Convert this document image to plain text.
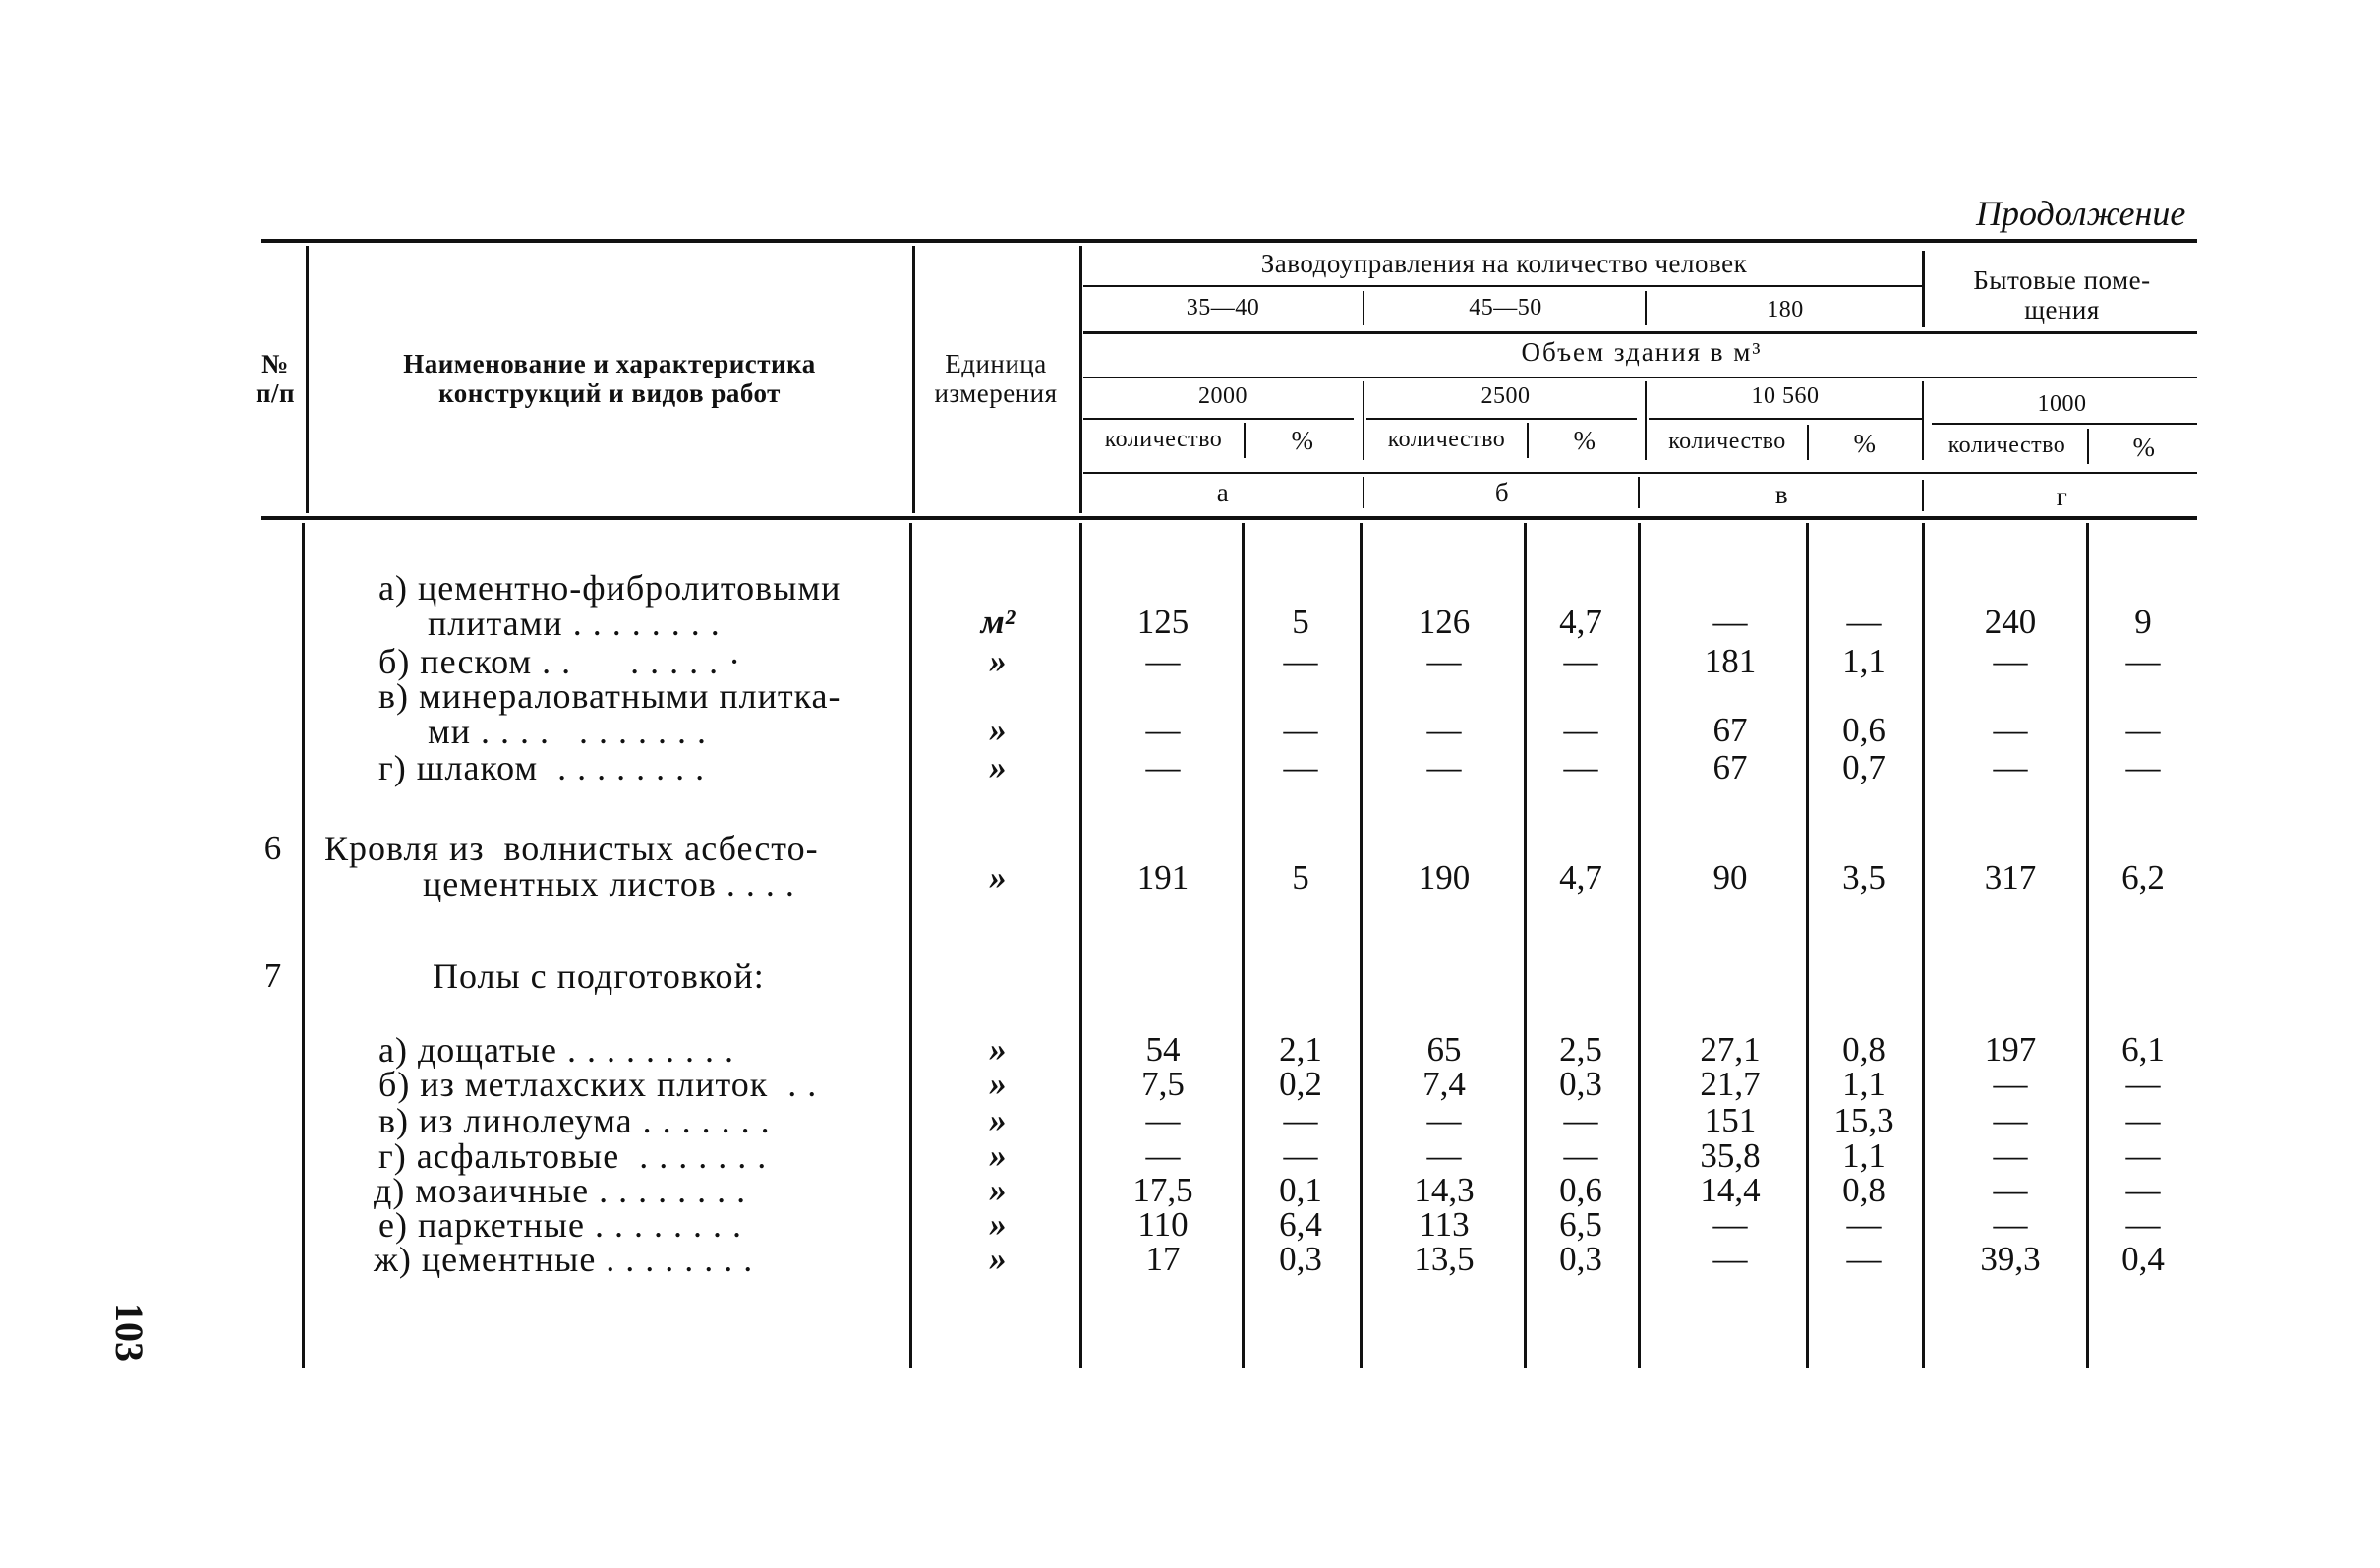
Продолжение
103
№
п/п
Наименование и характеристика конструкций и видов работ
Единица измерения
Заводоуправления на количество человек
35—40	45—50	180
Бытовые поме-
щения
Объем здания в м³
2000	2500	10 560	1000
количество	%	количество	%	количество	%	количество	%
а	б	в	г
а) цементно-фибролитовыми
плитами . . . . . . . .	м²	125	5	126	4,7	—	—	240	9
б) песком . .      . . . . . ·	»	—	—	—	—	181	1,1	—	—
в) минераловатными плитка-
ми . . . .   . . . . . . .	»	—	—	—	—	67	0,6	—	—
г) шлаком  . . . . . . . .	»	—	—	—	—	67	0,7	—	—
6	Кровля из  волнистых асбесто-
цементных листов . . . .	»	191	5	190	4,7	90	3,5	317	6,2
7	Полы с подготовкой:
а) дощатые . . . . . . . . .	»	54	2,1	65	2,5	27,1	0,8	197	6,1
б) из метлахских плиток  . .	»	7,5	0,2	7,4	0,3	21,7	1,1	—	—
в) из линолеума . . . . . . .	»	—	—	—	—	151	15,3	—	—
г) асфальтовые  . . . . . . .	»	—	—	—	—	35,8	1,1	—	—
д) мозаичные . . . . . . . .	»	17,5	0,1	14,3	0,6	14,4	0,8	—	—
е) паркетные . . . . . . . .	»	110	6,4	113	6,5	—	—	—	—
ж) цементные . . . . . . . .	»	17	0,3	13,5	0,3	—	—	39,3	0,4
